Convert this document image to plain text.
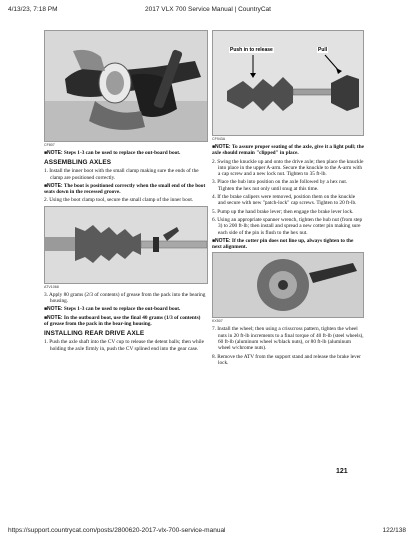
4/13/23, 7:18 PM	2017 VLX 700 Service Manual | CountryCat
CF807
■NOTE: Steps 1-3 can be used to replace the out-board boot.
ASSEMBLING AXLES
1. Install the inner boot with the small clamp making sure the ends of the clamp are positioned correctly.
■NOTE: The boot is positioned correctly when the small end of the boot seats down in the recessed groove.
2. Using the boot clamp tool, secure the small clamp of the inner boot.
ATV1068
3. Apply 80 grams (2/3 of contents) of grease from the pack into the bearing housing.
■NOTE: Steps 1-3 can be used to replace the out-board boot.
■NOTE: In the outboard boot, use the final 40 grams (1/3 of contents) of grease from the pack in the bear-ing housing.
INSTALLING REAR DRIVE AXLE
1. Push the axle shaft into the CV cup to release the detent balls; then while holding the axle firmly in, push the CV splined end into the gear case.
Push in to release	Pull
CF943A
■NOTE: To assure proper seating of the axle, give it a light pull; the axle should remain "clipped" in place.
2. Swing the knuckle up and onto the drive axle; then place the knuckle into place in the upper A-arm. Secure the knuckle to the A-arm with a cap screw and a new lock nut. Tighten to 35 ft-lb.
3. Place the hub into position on the axle followed by a hex nut. Tighten the hex nut only until snug at this time.
4. If the brake calipers were removed, position them on the knuckle and secure with new "patch-lock" cap screws. Tighten to 20 ft-lb.
5. Pump up the hand brake lever; then engage the brake lever lock.
6. Using an appropriate spanner wrench, tighten the hub nut (from step 3) to 200 ft-lb; then install and spread a new cotter pin making sure each side of the pin is flush to the hex nut.
■NOTE: If the cotter pin does not line up, always tighten to the next alignment.
KX507
7. Install the wheel; then using a crisscross pattern, tighten the wheel nuts in 20 ft-lb increments to a final torque of 40 ft-lb (steel wheels), 60 ft-lb (aluminum wheel w/black nuts), or 80 ft-lb (aluminum wheel w/chrome nuts).
8. Remove the ATV from the support stand and release the brake lever lock.
121
https://support.countrycat.com/posts/2800620-2017-vlx-700-service-manual	122/138
